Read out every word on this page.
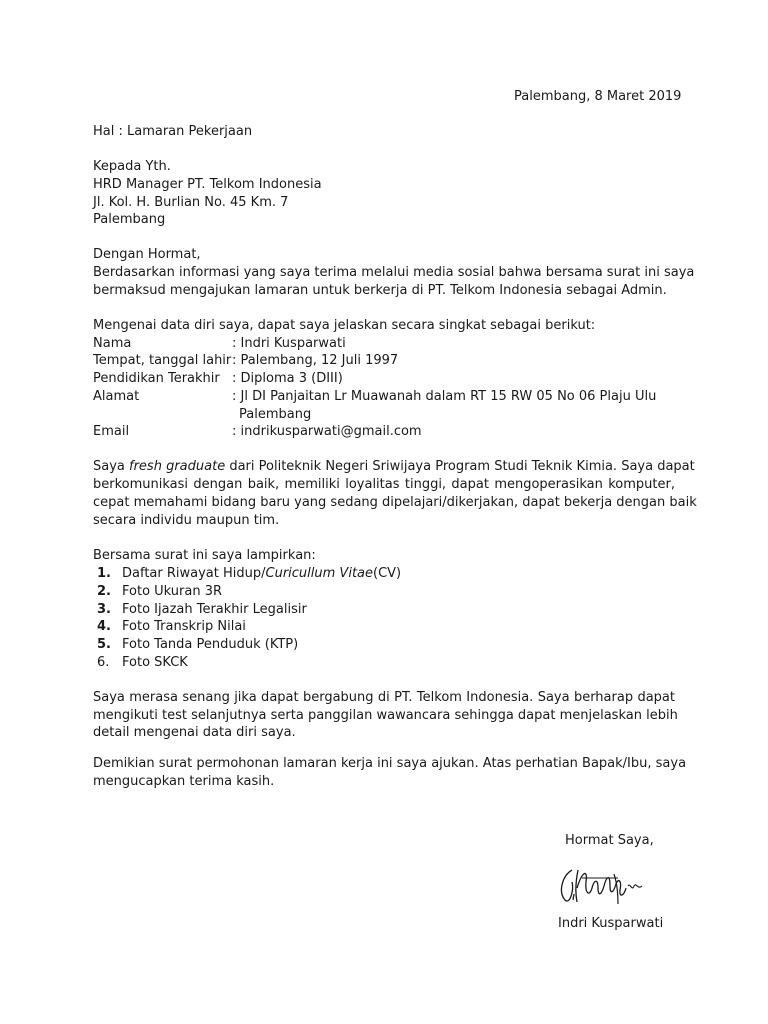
Palembang, 8 Maret 2019
Hal : Lamaran Pekerjaan
Kepada Yth.
HRD Manager PT. Telkom Indonesia
Jl. Kol. H. Burlian No. 45 Km. 7
Palembang
Dengan Hormat,
Berdasarkan informasi yang saya terima melalui media sosial bahwa bersama surat ini saya
bermaksud mengajukan lamaran untuk berkerja di PT. Telkom Indonesia sebagai Admin.
Mengenai data diri saya, dapat saya jelaskan secara singkat sebagai berikut:
Nama	: Indri Kusparwati
Tempat, tanggal lahir : Palembang, 12 Juli 1997
Pendidikan Terakhir : Diploma 3 (DIII)
Alamat	: Jl DI Panjaitan Lr Muawanah dalam RT 15 RW 05 No 06 Plaju Ulu
Palembang
Email	: indrikusparwati@gmail.com
Saya fresh graduate dari Politeknik Negeri Sriwijaya Program Studi Teknik Kimia. Saya dapat
berkomunikasi dengan baik, memiliki loyalitas tinggi, dapat mengoperasikan komputer,
cepat memahami bidang baru yang sedang dipelajari/dikerjakan, dapat bekerja dengan baik
secara individu maupun tim.
Bersama surat ini saya lampirkan:
1. Daftar Riwayat Hidup/Curicullum Vitae(CV)
2. Foto Ukuran 3R
3. Foto Ijazah Terakhir Legalisir
4. Foto Transkrip Nilai
5. Foto Tanda Penduduk (KTP)
6. Foto SKCK
Saya merasa senang jika dapat bergabung di PT. Telkom Indonesia. Saya berharap dapat
mengikuti test selanjutnya serta panggilan wawancara sehingga dapat menjelaskan lebih
detail mengenai data diri saya.
Demikian surat permohonan lamaran kerja ini saya ajukan. Atas perhatian Bapak/Ibu, saya
mengucapkan terima kasih.
Hormat Saya,
Indri Kusparwati
